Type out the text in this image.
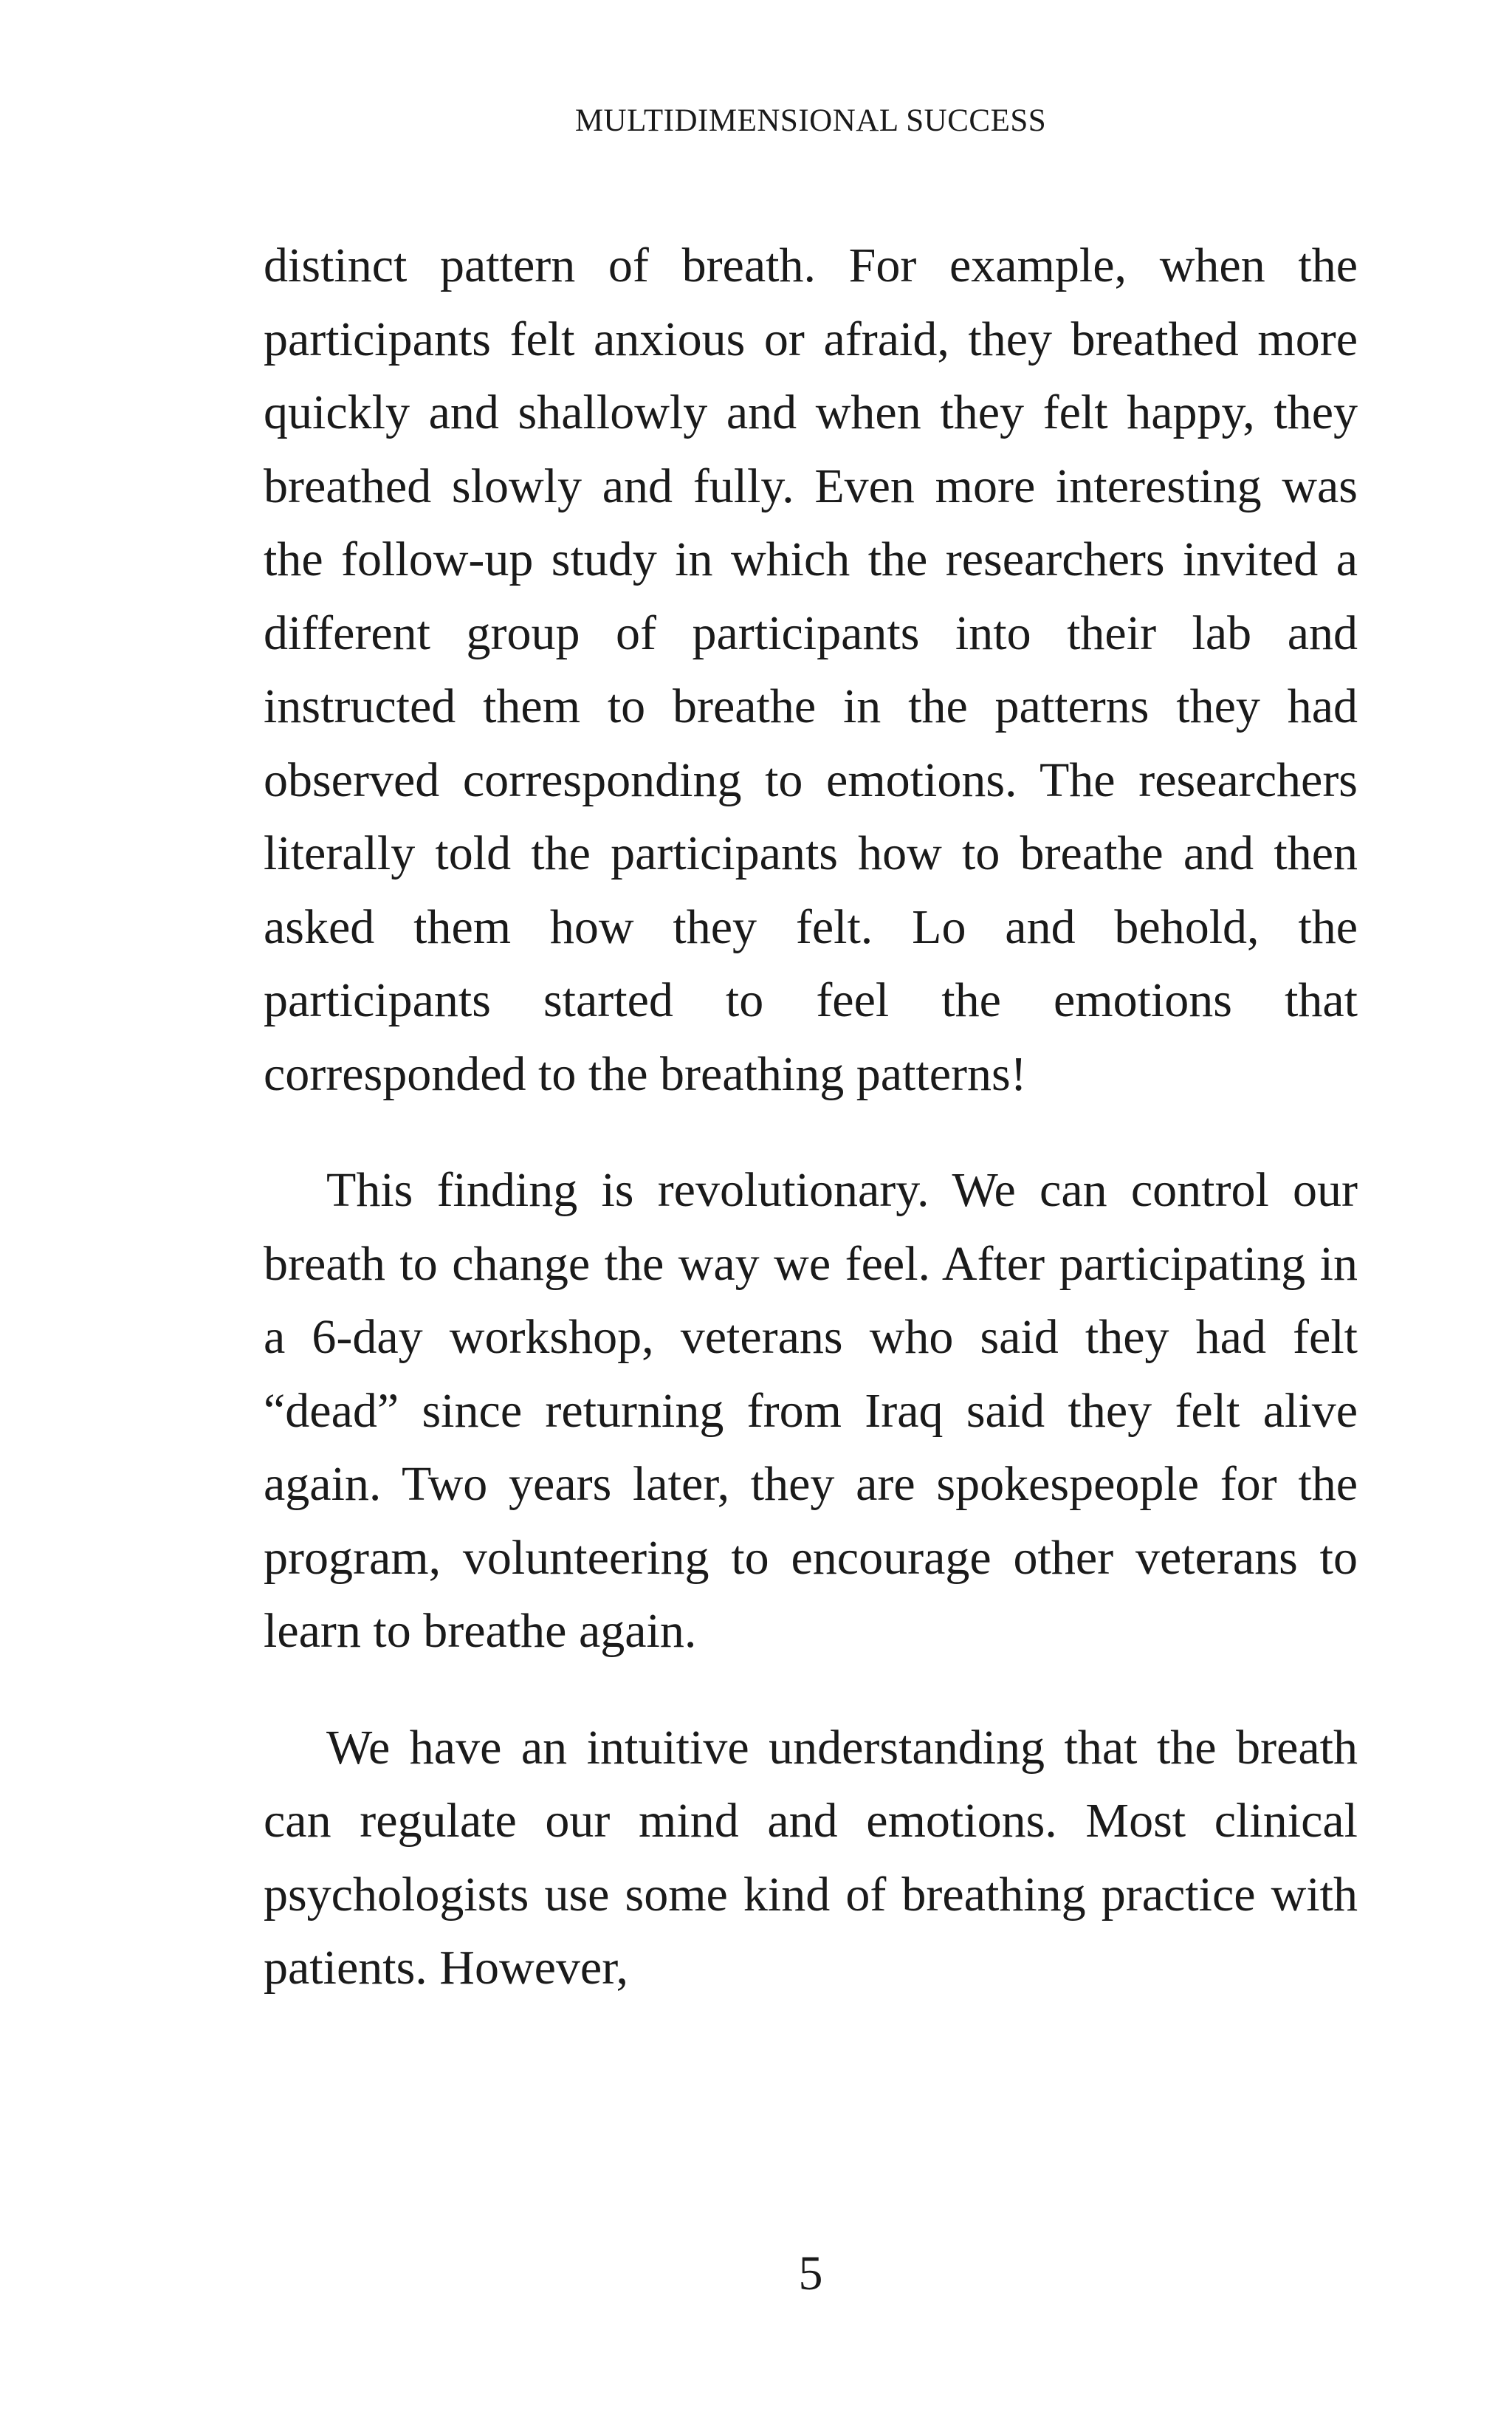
MULTIDIMENSIONAL SUCCESS

distinct pattern of breath. For example, when the participants felt anxious or afraid, they breathed more quickly and shallowly and when they felt happy, they breathed slowly and fully. Even more interesting was the follow-up study in which the researchers invited a different group of participants into their lab and instructed them to breathe in the patterns they had observed corresponding to emotions. The researchers literally told the participants how to breathe and then asked them how they felt. Lo and behold, the participants started to feel the emotions that corresponded to the breathing patterns!

This finding is revolutionary. We can control our breath to change the way we feel. After participating in a 6-day workshop, veterans who said they had felt “dead” since returning from Iraq said they felt alive again. Two years later, they are spokespeople for the program, volunteering to encourage other veterans to learn to breathe again.

We have an intuitive understanding that the breath can regulate our mind and emotions. Most clinical psychologists use some kind of breathing practice with patients. However,

5
